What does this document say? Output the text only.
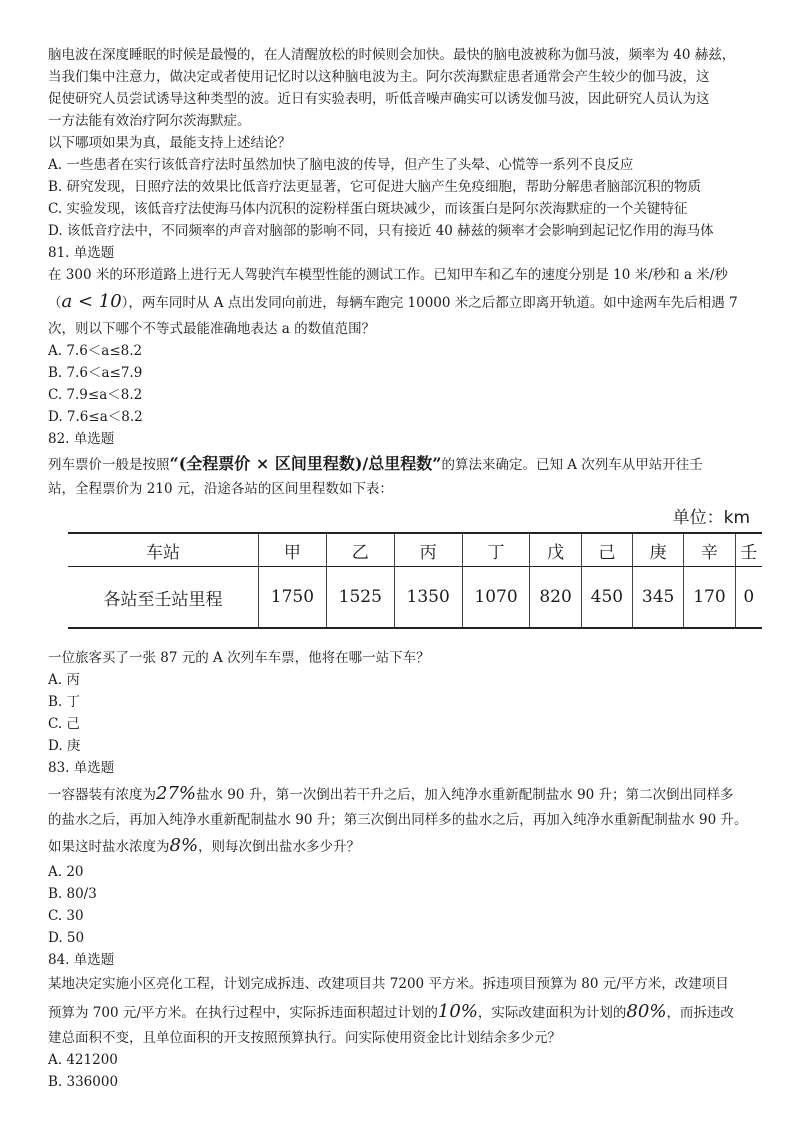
脑电波在深度睡眠的时候是最慢的，在人清醒放松的时候则会加快。最快的脑电波被称为伽马波，频率为 40 赫兹，
当我们集中注意力，做决定或者使用记忆时以这种脑电波为主。阿尔茨海默症患者通常会产生较少的伽马波，这
促使研究人员尝试诱导这种类型的波。近日有实验表明，听低音噪声确实可以诱发伽马波，因此研究人员认为这
一方法能有效治疗阿尔茨海默症。
以下哪项如果为真，最能支持上述结论？
A. 一些患者在实行该低音疗法时虽然加快了脑电波的传导，但产生了头晕、心慌等一系列不良反应
B. 研究发现，日照疗法的效果比低音疗法更显著，它可促进大脑产生免疫细胞，帮助分解患者脑部沉积的物质
C. 实验发现，该低音疗法使海马体内沉积的淀粉样蛋白斑块减少，而该蛋白是阿尔茨海默症的一个关键特征
D. 该低音疗法中，不同频率的声音对脑部的影响不同，只有接近 40 赫兹的频率才会影响到起记忆作用的海马体
81. 单选题
在 300 米的环形道路上进行无人驾驶汽车模型性能的测试工作。已知甲车和乙车的速度分别是 10 米/秒和 a 米/秒
（a < 10），两车同时从 A 点出发同向前进，每辆车跑完 10000 米之后都立即离开轨道。如中途两车先后相遇 7
次，则以下哪个不等式最能准确地表达 a 的数值范围？
A. 7.6＜a≤8.2
B. 7.6＜a≤7.9
C. 7.9≤a＜8.2
D. 7.6≤a＜8.2
82. 单选题
列车票价一般是按照“(全程票价 × 区间里程数)/总里程数”的算法来确定。已知 A 次列车从甲站开往壬
站，全程票价为 210 元，沿途各站的区间里程数如下表：
单位：km
车站	甲	乙	丙	丁	戊	己	庚	辛	壬
各站至壬站里程	1750	1525	1350	1070	820	450	345	170	0
一位旅客买了一张 87 元的 A 次列车车票，他将在哪一站下车？
A. 丙
B. 丁
C. 己
D. 庚
83. 单选题
一容器装有浓度为27%盐水 90 升，第一次倒出若干升之后，加入纯净水重新配制盐水 90 升；第二次倒出同样多
的盐水之后，再加入纯净水重新配制盐水 90 升；第三次倒出同样多的盐水之后，再加入纯净水重新配制盐水 90 升。
如果这时盐水浓度为8%，则每次倒出盐水多少升？
A. 20
B. 80/3
C. 30
D. 50
84. 单选题
某地决定实施小区亮化工程，计划完成拆违、改建项目共 7200 平方米。拆违项目预算为 80 元/平方米，改建项目
预算为 700 元/平方米。在执行过程中，实际拆违面积超过计划的10%，实际改建面积为计划的80%，而拆违改
建总面积不变，且单位面积的开支按照预算执行。问实际使用资金比计划结余多少元？
A. 421200
B. 336000
